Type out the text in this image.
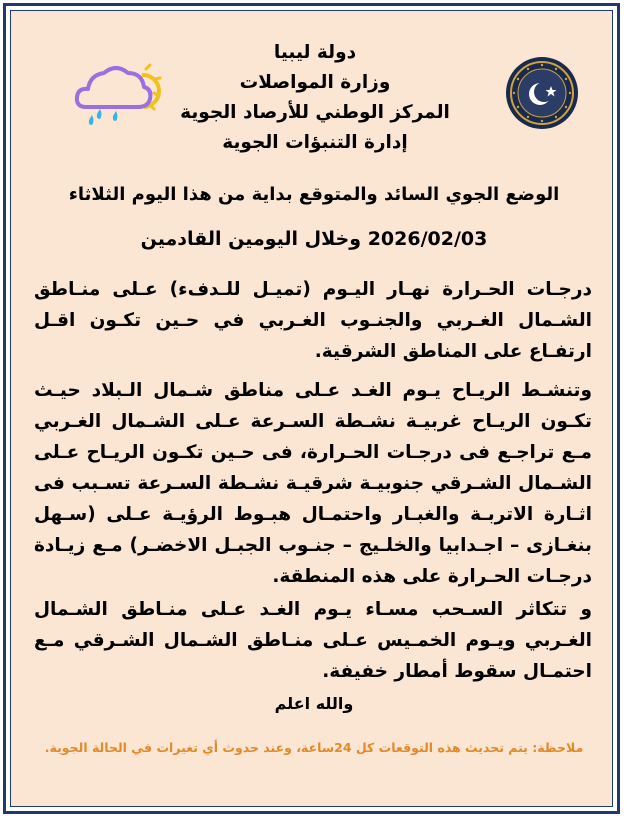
دولة ليبيا
وزارة المواصلات
المركز الوطني للأرصاد الجوية
إدارة التنبؤات الجوية
الوضع الجوي السائد والمتوقع بداية من هذا اليوم الثلاثاء
2026/02/03 وخلال اليومين القادمين
درجـات الحـرارة نهـار اليـوم (تميـل للـدفء) عـلى منـاطق الشـمال الغـربي والجنـوب الغـربي في حـين تكـون اقـل ارتفـاع على المناطق الشرقية.
وتنشـط الريـاح يـوم الغـد عـلى مناطق شـمال الـبلاد حيـث تكـون الريـاح غربيـة نشـطة السـرعة عـلى الشـمال الغـربي مـع تراجـع فى درجـات الحـرارة، فى حـين تكـون الريـاح عـلى الشـمال الشـرقي جنوبيـة شرقيـة نشـطة السـرعة تسـبب فى اثـارة الاتربـة والغبـار واحتمـال هبـوط الرؤيـة عـلى (سـهل بنغـازى – اجـدابيا والخلـيج – جنـوب الجبـل الاخضـر) مـع زيـادة درجـات الحـرارة على هذه المنطقة.
و تتكاثر السـحب مسـاء يـوم الغـد عـلى منـاطق الشـمال الغـربي ويـوم الخمـيس عـلى منـاطق الشـمال الشـرقي مـع احتمـال سقوط أمطار خفيفة.
والله اعلم
ملاحظة: يتم تحديث هذه التوقعات كل 24ساعة، وعند حدوث أي تغيرات في الحالة الجوية.
